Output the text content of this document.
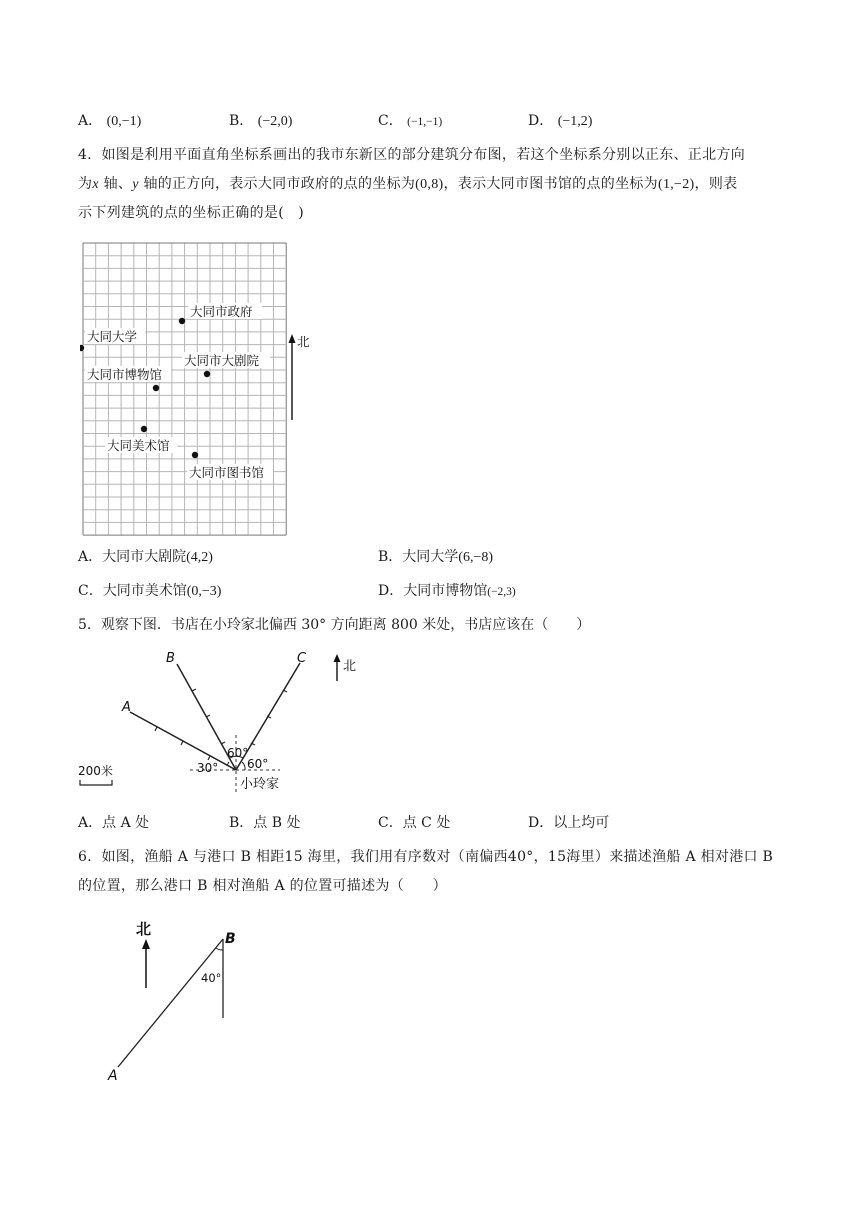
A． (0,−1)	B． (−2,0)	C． (−1,−1)	D． (−1,2)
4．如图是利用平面直角坐标系画出的我市东新区的部分建筑分布图，若这个坐标系分别以正东、正北方向
为x 轴、y 轴的正方向，表示大同市政府的点的坐标为(0,8)，表示大同市图书馆的点的坐标为(1,−2)，则表
示下列建筑的点的坐标正确的是(　)
大同市政府
大同大学
大同市大剧院
大同市博物馆
大同美术馆
大同市图书馆
北
A．大同市大剧院(4,2)	B．大同大学(6,−8)
C．大同市美术馆(0,−3)	D．大同市博物馆(−2,3)
5．观察下图．书店在小玲家北偏西 30° 方向距离 800 米处，书店应该在（　　）
A
B	C
60°
30° 60°
小玲家
200米
北
A．点 A 处	B．点 B 处	C．点 C 处	D．以上均可
6．如图，渔船 A 与港口 B 相距15 海里，我们用有序数对（南偏西40°，15海里）来描述渔船 A 相对港口 B
的位置，那么港口 B 相对渔船 A 的位置可描述为（　　）
北
B
A
40°
